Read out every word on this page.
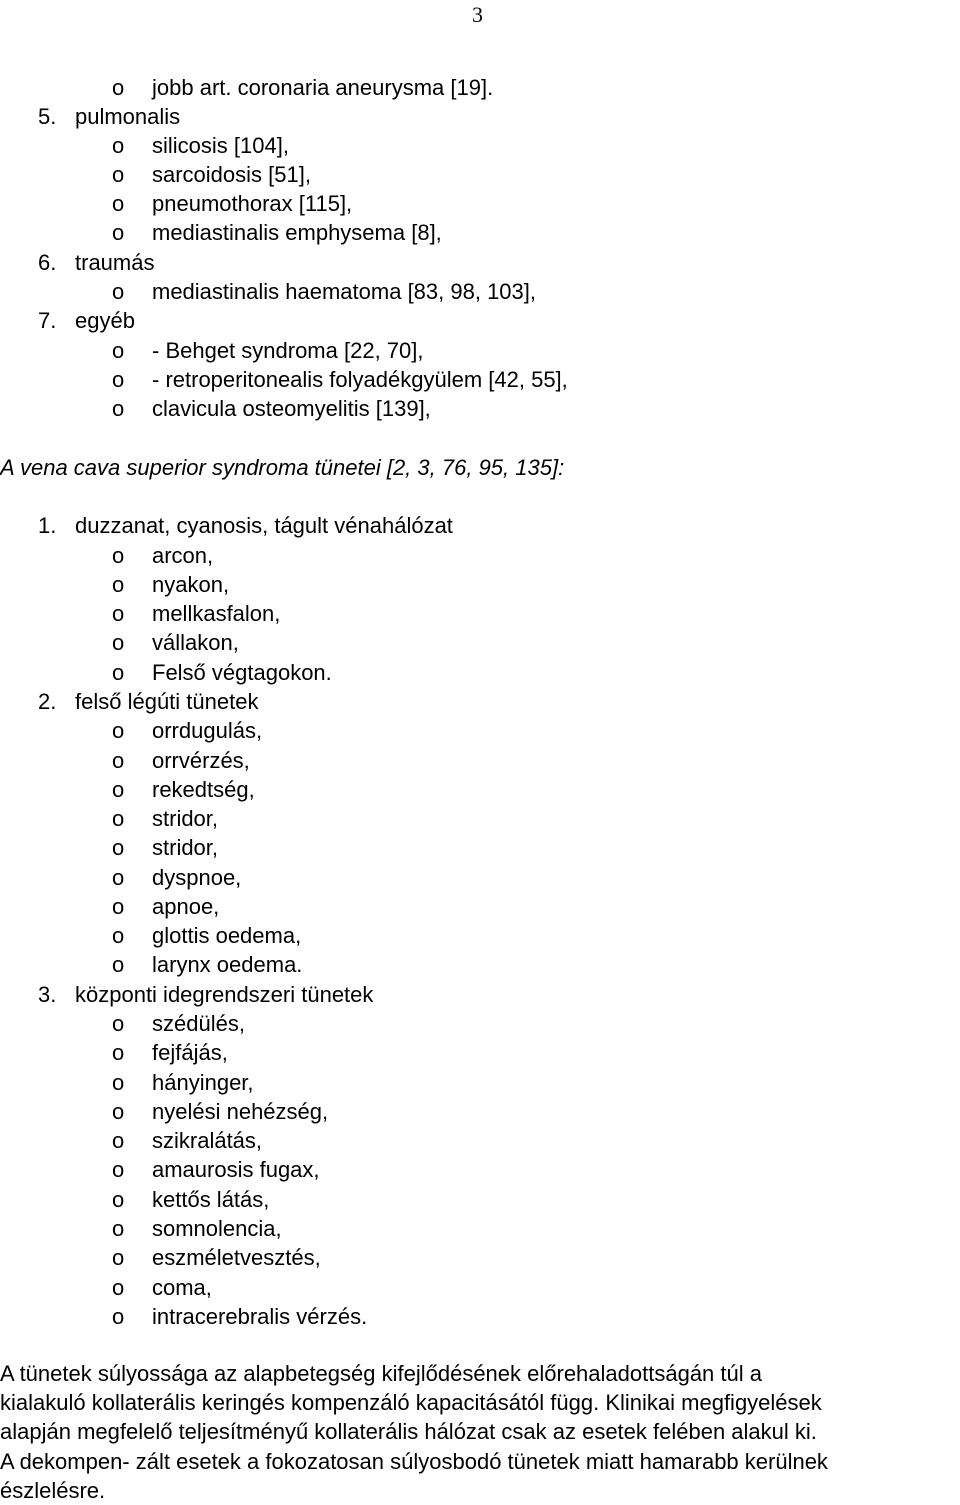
3
o	jobb art. coronaria aneurysma [19].
5. pulmonalis
o	silicosis [104],
o	sarcoidosis [51],
o	pneumothorax [115],
o	mediastinalis emphysema [8],
6. traumás
o	mediastinalis haematoma [83, 98, 103],
7. egyéb
o	- Behget syndroma [22, 70],
o	- retroperitonealis folyadékgyülem [42, 55],
o	clavicula osteomyelitis [139],
A vena cava superior syndroma tünetei [2, 3, 76, 95, 135]:
1. duzzanat, cyanosis, tágult vénahálózat
o	arcon,
o	nyakon,
o	mellkasfalon,
o	vállakon,
o	Felső végtagokon.
2. felső légúti tünetek
o	orrdugulás,
o	orrvérzés,
o	rekedtség,
o	stridor,
o	stridor,
o	dyspnoe,
o	apnoe,
o	glottis oedema,
o	larynx oedema.
3. központi idegrendszeri tünetek
o	szédülés,
o	fejfájás,
o	hányinger,
o	nyelési nehézség,
o	szikralátás,
o	amaurosis fugax,
o	kettős látás,
o	somnolencia,
o	eszméletvesztés,
o	coma,
o	intracerebralis vérzés.
A tünetek súlyossága az alapbetegség kifejlődésének előrehaladottságán túl a
kialakuló kollaterális keringés kompenzáló kapacitásától függ. Klinikai megfigyelések
alapján megfelelő teljesítményű kollaterális hálózat csak az esetek felében alakul ki.
A dekompen- zált esetek a fokozatosan súlyosbodó tünetek miatt hamarabb kerülnek
észlelésre.
